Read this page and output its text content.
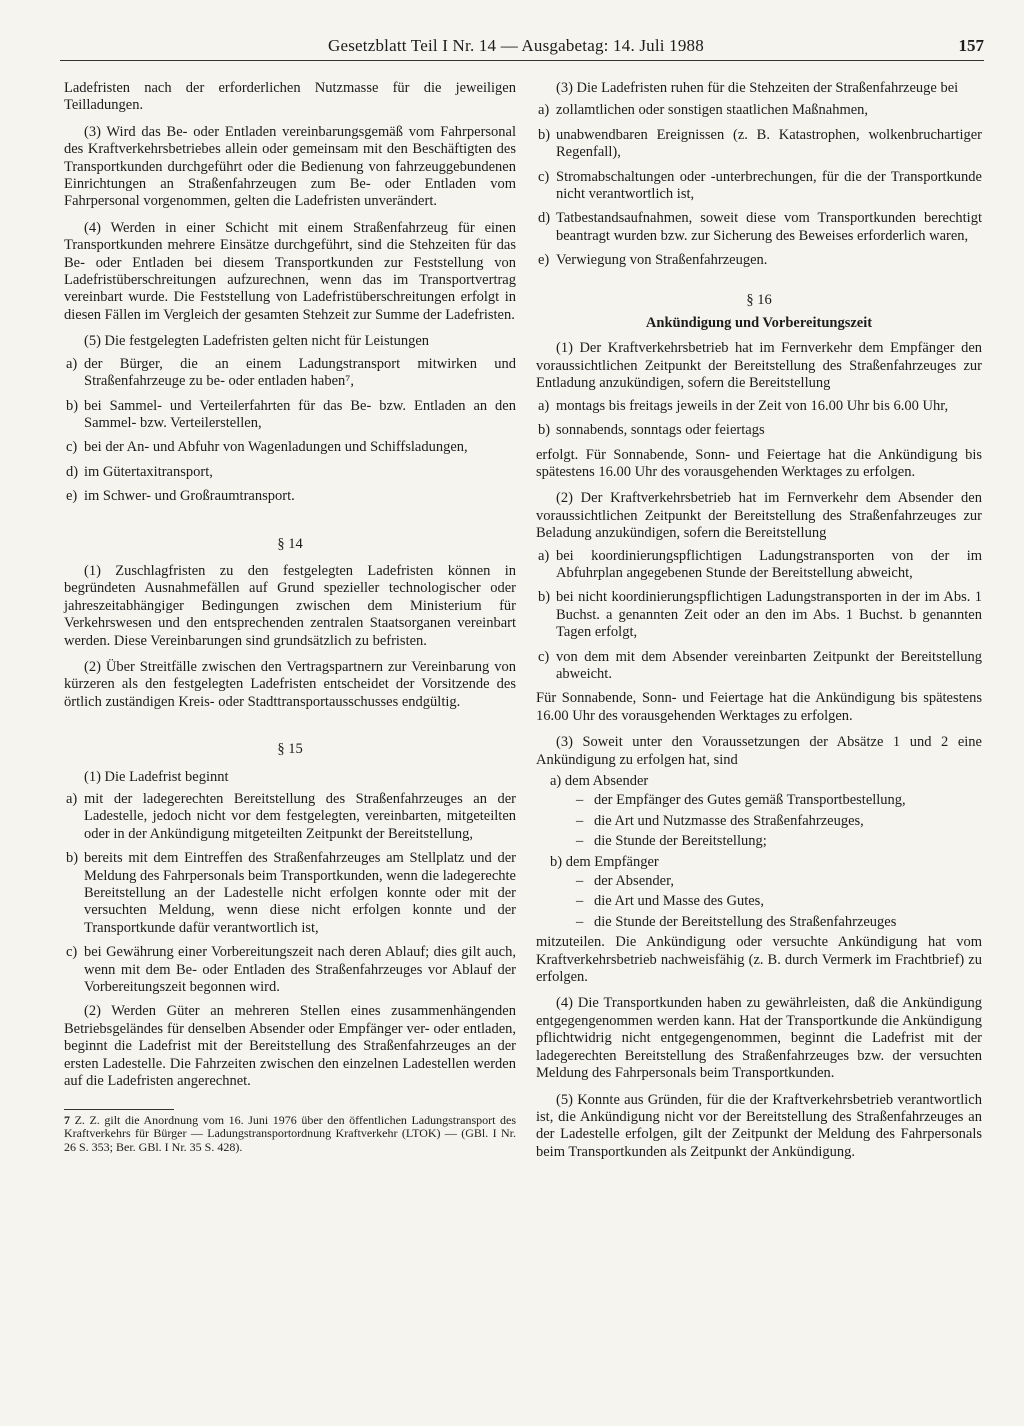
Gesetzblatt Teil I Nr. 14 — Ausgabetag: 14. Juli 1988	157

Ladefristen nach der erforderlichen Nutzmasse für die jeweiligen Teilladungen.

(3) Wird das Be- oder Entladen vereinbarungsgemäß vom Fahrpersonal des Kraftverkehrsbetriebes allein oder gemeinsam mit den Beschäftigten des Transportkunden durchgeführt oder die Bedienung von fahrzeuggebundenen Einrichtungen an Straßenfahrzeugen zum Be- oder Entladen vom Fahrpersonal vorgenommen, gelten die Ladefristen unverändert.

(4) Werden in einer Schicht mit einem Straßenfahrzeug für einen Transportkunden mehrere Einsätze durchgeführt, sind die Stehzeiten für das Be- oder Entladen bei diesem Transportkunden zur Feststellung von Ladefristüberschreitungen aufzurechnen, wenn das im Transportvertrag vereinbart wurde. Die Feststellung von Ladefristüberschreitungen erfolgt in diesen Fällen im Vergleich der gesamten Stehzeit zur Summe der Ladefristen.

(5) Die festgelegten Ladefristen gelten nicht für Leistungen

a) der Bürger, die an einem Ladungstransport mitwirken und Straßenfahrzeuge zu be- oder entladen haben⁷,
b) bei Sammel- und Verteilerfahrten für das Be- bzw. Entladen an den Sammel- bzw. Verteilerstellen,
c) bei der An- und Abfuhr von Wagenladungen und Schiffsladungen,
d) im Gütertaxitransport,
e) im Schwer- und Großraumtransport.
§ 14

(1) Zuschlagfristen zu den festgelegten Ladefristen können in begründeten Ausnahmefällen auf Grund spezieller technologischer oder jahreszeitabhängiger Bedingungen zwischen dem Ministerium für Verkehrswesen und den entsprechenden zentralen Staatsorganen vereinbart werden. Diese Vereinbarungen sind grundsätzlich zu befristen.

(2) Über Streitfälle zwischen den Vertragspartnern zur Vereinbarung von kürzeren als den festgelegten Ladefristen entscheidet der Vorsitzende des örtlich zuständigen Kreis- oder Stadttransportausschusses endgültig.

§ 15

(1) Die Ladefrist beginnt

a) mit der ladegerechten Bereitstellung des Straßenfahrzeuges an der Ladestelle, jedoch nicht vor dem festgelegten, vereinbarten, mitgeteilten oder in der Ankündigung mitgeteilten Zeitpunkt der Bereitstellung,
b) bereits mit dem Eintreffen des Straßenfahrzeuges am Stellplatz und der Meldung des Fahrpersonals beim Transportkunden, wenn die ladegerechte Bereitstellung an der Ladestelle nicht erfolgen konnte oder mit der versuchten Meldung, wenn diese nicht erfolgen konnte und der Transportkunde dafür verantwortlich ist,
c) bei Gewährung einer Vorbereitungszeit nach deren Ablauf; dies gilt auch, wenn mit dem Be- oder Entladen des Straßenfahrzeuges vor Ablauf der Vorbereitungszeit begonnen wird.

(2) Werden Güter an mehreren Stellen eines zusammenhängenden Betriebsgeländes für denselben Absender oder Empfänger ver- oder entladen, beginnt die Ladefrist mit der Bereitstellung des Straßenfahrzeuges an der ersten Ladestelle. Die Fahrzeiten zwischen den einzelnen Ladestellen werden auf die Ladefristen angerechnet.

7 Z. Z. gilt die Anordnung vom 16. Juni 1976 über den öffentlichen Ladungstransport des Kraftverkehrs für Bürger — Ladungstransportordnung Kraftverkehr (LTOK) — (GBl. I Nr. 26 S. 353; Ber. GBl. I Nr. 35 S. 428).

(3) Die Ladefristen ruhen für die Stehzeiten der Straßenfahrzeuge bei

a) zollamtlichen oder sonstigen staatlichen Maßnahmen,
b) unabwendbaren Ereignissen (z. B. Katastrophen, wolkenbruchartiger Regenfall),
c) Stromabschaltungen oder -unterbrechungen, für die der Transportkunde nicht verantwortlich ist,
d) Tatbestandsaufnahmen, soweit diese vom Transportkunden berechtigt beantragt wurden bzw. zur Sicherung des Beweises erforderlich waren,
e) Verwiegung von Straßenfahrzeugen.
§ 16
Ankündigung und Vorbereitungszeit

(1) Der Kraftverkehrsbetrieb hat im Fernverkehr dem Empfänger den voraussichtlichen Zeitpunkt der Bereitstellung des Straßenfahrzeuges zur Entladung anzukündigen, sofern die Bereitstellung

a) montags bis freitags jeweils in der Zeit von 16.00 Uhr bis 6.00 Uhr,
b) sonnabends, sonntags oder feiertags

erfolgt. Für Sonnabende, Sonn- und Feiertage hat die Ankündigung bis spätestens 16.00 Uhr des vorausgehenden Werktages zu erfolgen.

(2) Der Kraftverkehrsbetrieb hat im Fernverkehr dem Absender den voraussichtlichen Zeitpunkt der Bereitstellung des Straßenfahrzeuges zur Beladung anzukündigen, sofern die Bereitstellung

a) bei koordinierungspflichtigen Ladungstransporten von der im Abfuhrplan angegebenen Stunde der Bereitstellung abweicht,
b) bei nicht koordinierungspflichtigen Ladungstransporten in der im Abs. 1 Buchst. a genannten Zeit oder an den im Abs. 1 Buchst. b genannten Tagen erfolgt,
c) von dem mit dem Absender vereinbarten Zeitpunkt der Bereitstellung abweicht.

Für Sonnabende, Sonn- und Feiertage hat die Ankündigung bis spätestens 16.00 Uhr des vorausgehenden Werktages zu erfolgen.

(3) Soweit unter den Voraussetzungen der Absätze 1 und 2 eine Ankündigung zu erfolgen hat, sind

a) dem Absender
– der Empfänger des Gutes gemäß Transportbestellung,
– die Art und Nutzmasse des Straßenfahrzeuges,
– die Stunde der Bereitstellung;
b) dem Empfänger
– der Absender,
– die Art und Masse des Gutes,
– die Stunde der Bereitstellung des Straßenfahrzeuges

mitzuteilen. Die Ankündigung oder versuchte Ankündigung hat vom Kraftverkehrsbetrieb nachweisfähig (z. B. durch Vermerk im Frachtbrief) zu erfolgen.

(4) Die Transportkunden haben zu gewährleisten, daß die Ankündigung entgegengenommen werden kann. Hat der Transportkunde die Ankündigung pflichtwidrig nicht entgegengenommen, beginnt die Ladefrist mit der ladegerechten Bereitstellung des Straßenfahrzeuges bzw. der versuchten Meldung des Fahrpersonals beim Transportkunden.

(5) Konnte aus Gründen, für die der Kraftverkehrsbetrieb verantwortlich ist, die Ankündigung nicht vor der Bereitstellung des Straßenfahrzeuges an der Ladestelle erfolgen, gilt der Zeitpunkt der Meldung des Fahrpersonals beim Transportkunden als Zeitpunkt der Ankündigung.
